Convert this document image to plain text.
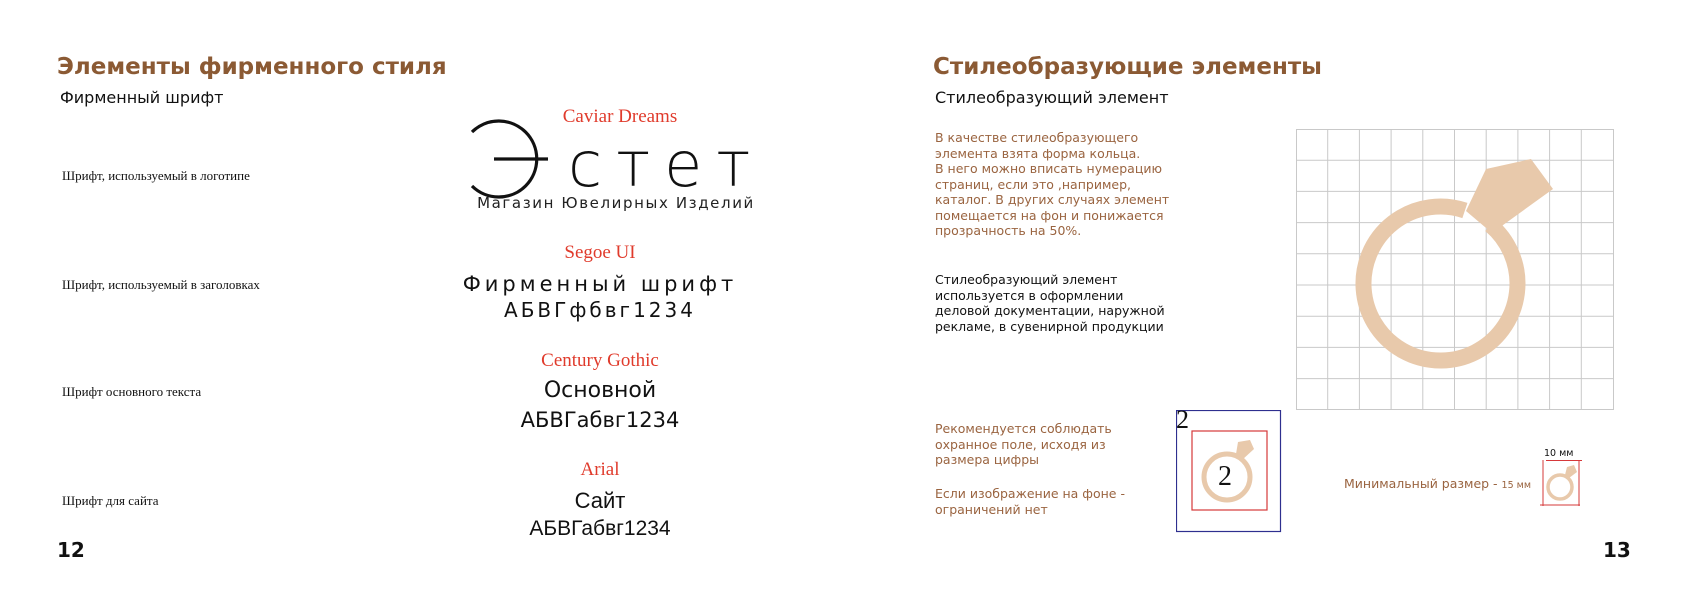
Элементы фирменного стиля
Фирменный шрифт
Шрифт, используемый в логотипе
Шрифт, используемый в заголовках
Шрифт основного текста
Шрифт для сайта
Caviar Dreams
стет
Магазин Ювелирных Изделий
Segoe UI
Фирменный шрифт
АБВГфбвг1234
Century Gothic
Основной
АБВГабвг1234
Arial
Сайт
АБВГабвг1234
12
Стилеобразующие элементы
Стилеобразующий элемент
В качестве стилеобразующего
элемента взята форма кольца.
В него можно вписать нумерацию
страниц, если это ,например,
каталог. В других случаях элемент
помещается на фон и понижается
прозрачность на 50%.
Стилеобразующий элемент
используется в оформлении
деловой документации, наружной
рекламе, в сувенирной продукции
Рекомендуется соблюдать
охранное поле, исходя из
размера цифры
Если изображение на фоне -
ограничений нет
2
2	Минимальный размер - 15 мм
10 мм
13
